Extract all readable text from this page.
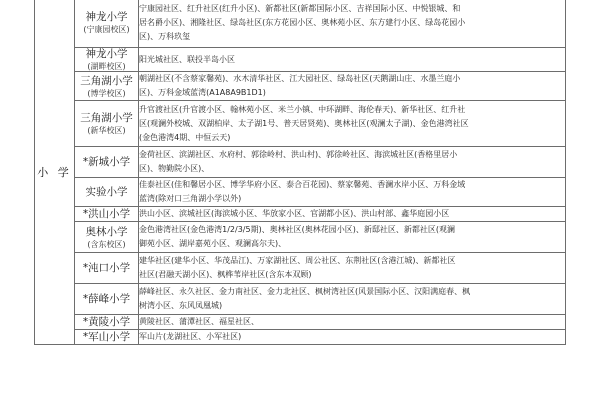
小 学	神龙小学
(宁康园校区)	宁康园社区、红升社区(红升小区)、新都社区(新都国际小区、吉祥国际小区、中悦银城、和
居名爵小区)、湘隆社区、绿岛社区(东方花园小区、奥林苑小区、东方建行小区、绿岛花园小
区)、万科玖玺

	神龙小学
(湖畔校区)	阳光城社区、联投半岛小区

	三角湖小学
(博学校区)	朝湖社区(不含蔡家馨苑)、水木清华社区、江大园社区、绿岛社区(天鹅湖山庄、水墨兰庭小
区)、万科金域蓝湾(A1A8A9B1D1)

	三角湖小学
(新华校区)	升官渡社区(升官渡小区、翰林苑小区、米兰小镇、中环湖畔、海伦春天)、新华社区、红升社
区(观澜外校城、双湖柏岸、太子湖1号、普天居贤苑)、奥林社区(观澜太子湖)、金色港湾社区
(金色港湾4期、中恒云天)

	*新城小学	金荷社区、滨湖社区、水府村、郭徐岭村、洪山村)、郭徐岭社区、海滨城社区(香格里居小
区)、物勤院小区)、

	实验小学	佳泰社区(佳和馨居小区、博学华府小区、泰合百花园)、蔡家馨苑、香澜水岸小区、万科金域
蓝湾(除对口三角湖小学以外)

	*洪山小学	洪山小区、滨城社区(海滨城小区、华放家小区、官湖都小区)、洪山村部、鑫华庭园小区

	奥林小学
(含东校区)	金色港湾社区(金色港湾1/2/3/5期)、奥林社区(奥林花园小区)、新邸社区、新都社区(观澜
御苑小区、湖岸嘉苑小区、观澜高尔夫)、

	*沌口小学	建华社区(建华小区、华茂品江)、万家湖社区、周公社区、东荆社区(含港江城)、新都社区
社区(君融天湖小区)、枫桦苇岸社区(含东本双顾)

	*薛峰小学	薛峰社区、永久社区、金力南社区、金力北社区、枫树湾社区(风景国际小区、汉阳满庭春、枫
树湾小区、东风凤凰城)

	*黄陵小学	黄陵社区、蒲潭社区、福星社区、

	*军山小学	军山片(龙湖社区、小军社区)
